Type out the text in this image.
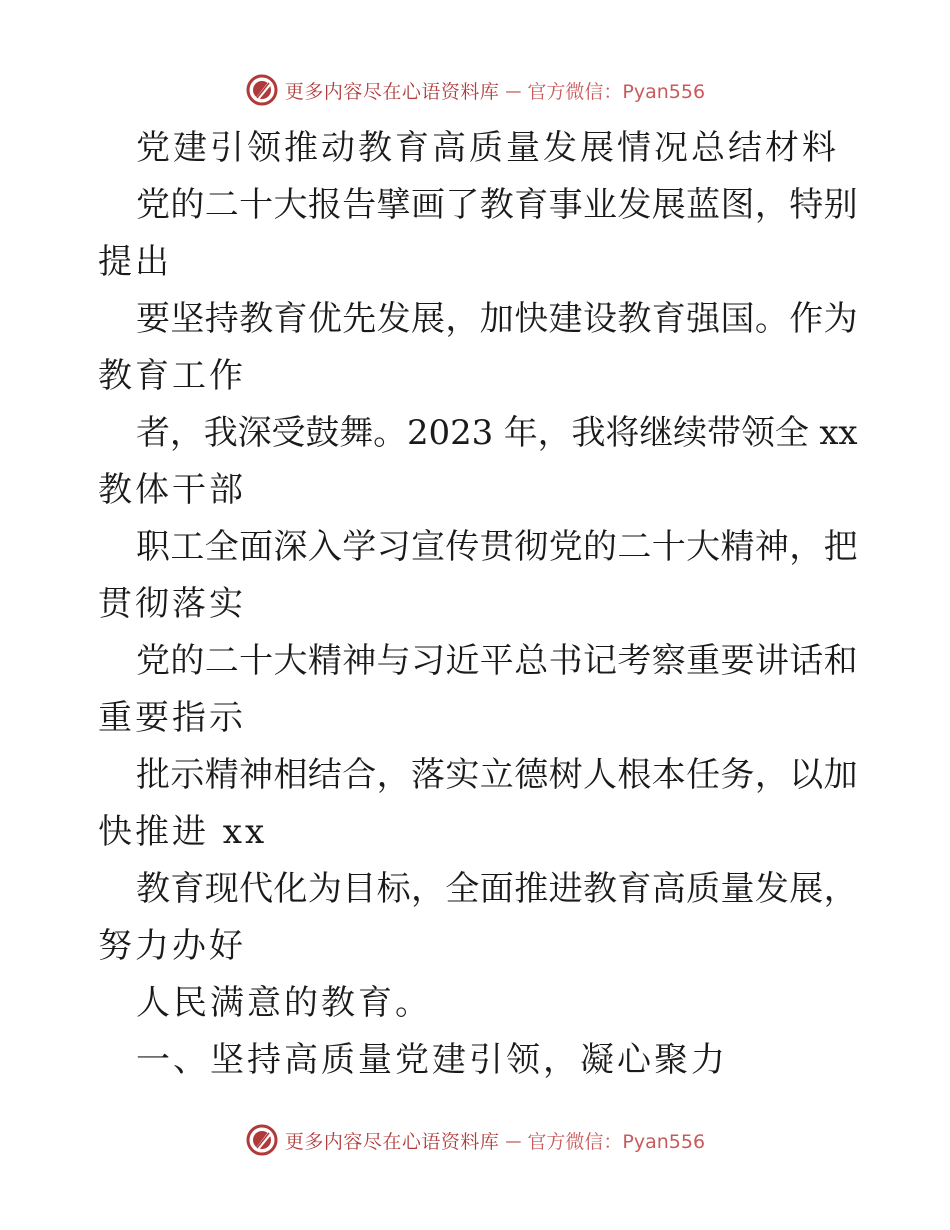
更多内容尽在心语资料库 — 官方微信：Pyan556
党建引领推动教育高质量发展情况总结材料
党的二十大报告擘画了教育事业发展蓝图，特别
提出
要坚持教育优先发展，加快建设教育强国。作为
教育工作
者，我深受鼓舞。2023 年，我将继续带领全 xx
教体干部
职工全面深入学习宣传贯彻党的二十大精神，把
贯彻落实
党的二十大精神与习近平总书记考察重要讲话和
重要指示
批示精神相结合，落实立德树人根本任务，以加
快推进 xx
教育现代化为目标，全面推进教育高质量发展，
努力办好
人民满意的教育。
一、坚持高质量党建引领，凝心聚力
更多内容尽在心语资料库 — 官方微信：Pyan556
